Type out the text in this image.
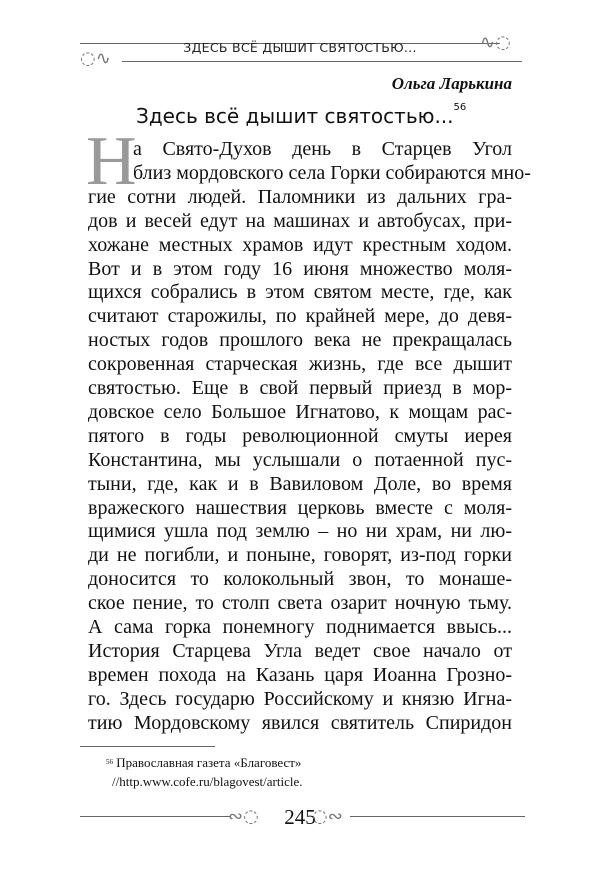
∿◌
◌∿
ЗДЕСЬ ВСЁ ДЫШИТ СВЯТОСТЬЮ...
Ольга Ларькина
Здесь всё дышит святостью...$^{56}$
Н
а Свято-Духов день в Старцев Угол
близ мордовского села Горки собираются мно-
гие сотни людей. Паломники из дальних гра-
дов и весей едут на машинах и автобусах, при-
хожане местных храмов идут крестным ходом.
Вот и в этом году 16 июня множество моля-
щихся собрались в этом святом месте, где, как
считают старожилы, по крайней мере, до девя-
ностых годов прошлого века не прекращалась
сокровенная старческая жизнь, где все дышит
святостью. Еще в свой первый приезд в мор-
довское село Большое Игнатово, к мощам рас-
пятого в годы революционной смуты иерея
Константина, мы услышали о потаенной пус-
тыни, где, как и в Вавиловом Доле, во время
вражеского нашествия церковь вместе с моля-
щимися ушла под землю – но ни храм, ни лю-
ди не погибли, и поныне, говорят, из-под горки
доносится то колокольный звон, то монаше-
ское пение, то столп света озарит ночную тьму.
А сама горка понемногу поднимается ввысь...
История Старцева Угла ведет свое начало от
времен похода на Казань царя Иоанна Грозно-
го. Здесь государю Российскому и князю Игна-
тию Мордовскому явился святитель Спиридон
$^{56}$ Православная газета «Благовест»
//http.www.cofe.ru/blagovest/article.
∾◌	245
◌∾
